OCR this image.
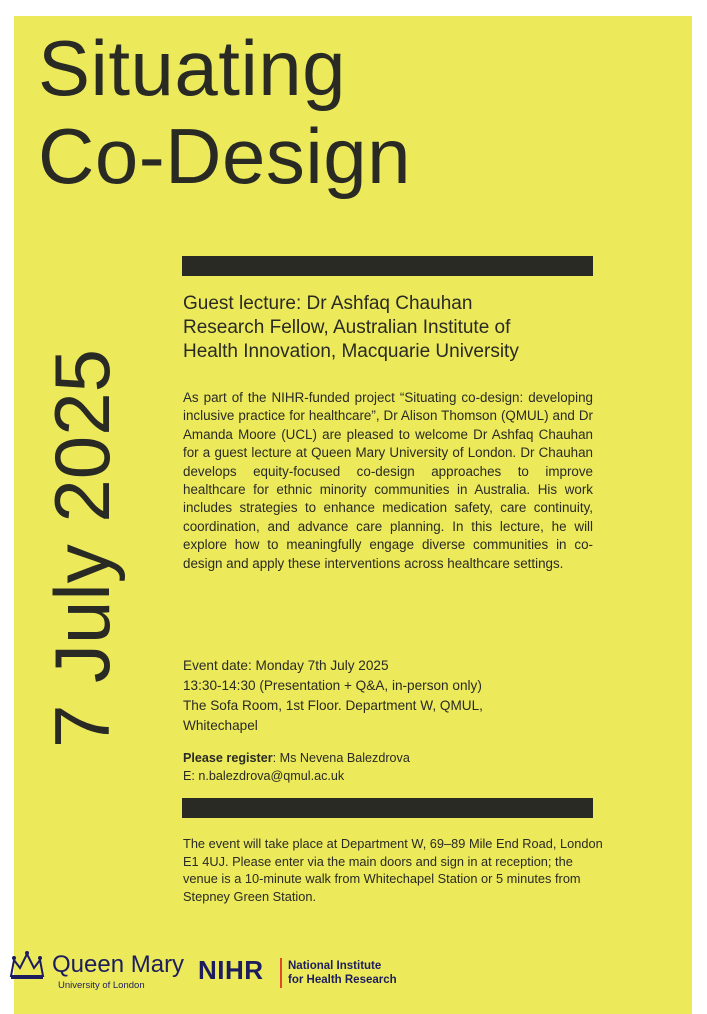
Situating
Co-Design
7 July 2025
Guest lecture: Dr Ashfaq Chauhan
Research Fellow, Australian Institute of
Health Innovation, Macquarie University

As part of the NIHR-funded project “Situating co-design: developing inclusive practice for healthcare”, Dr Alison Thomson (QMUL) and Dr Amanda Moore (UCL) are pleased to welcome Dr Ashfaq Chauhan for a guest lecture at Queen Mary University of London. Dr Chauhan develops equity-focused co-design approaches to improve healthcare for ethnic minority communities in Australia. His work includes strategies to enhance medication safety, care continuity, coordination, and advance care planning. In this lecture, he will explore how to meaningfully engage diverse communities in co-design and apply these interventions across healthcare settings.

Event date: Monday 7th July 2025
13:30-14:30 (Presentation + Q&A, in-person only)
The Sofa Room, 1st Floor. Department W, QMUL,
Whitechapel
Please register: Ms Nevena Balezdrova
E: n.balezdrova@qmul.ac.uk

The event will take place at Department W, 69–89 Mile End Road, London E1 4UJ. Please enter via the main doors and sign in at reception; the venue is a 10-minute walk from Whitechapel Station or 5 minutes from Stepney Green Station.

Queen Mary
University of London
NIHR National Institute
for Health Research
